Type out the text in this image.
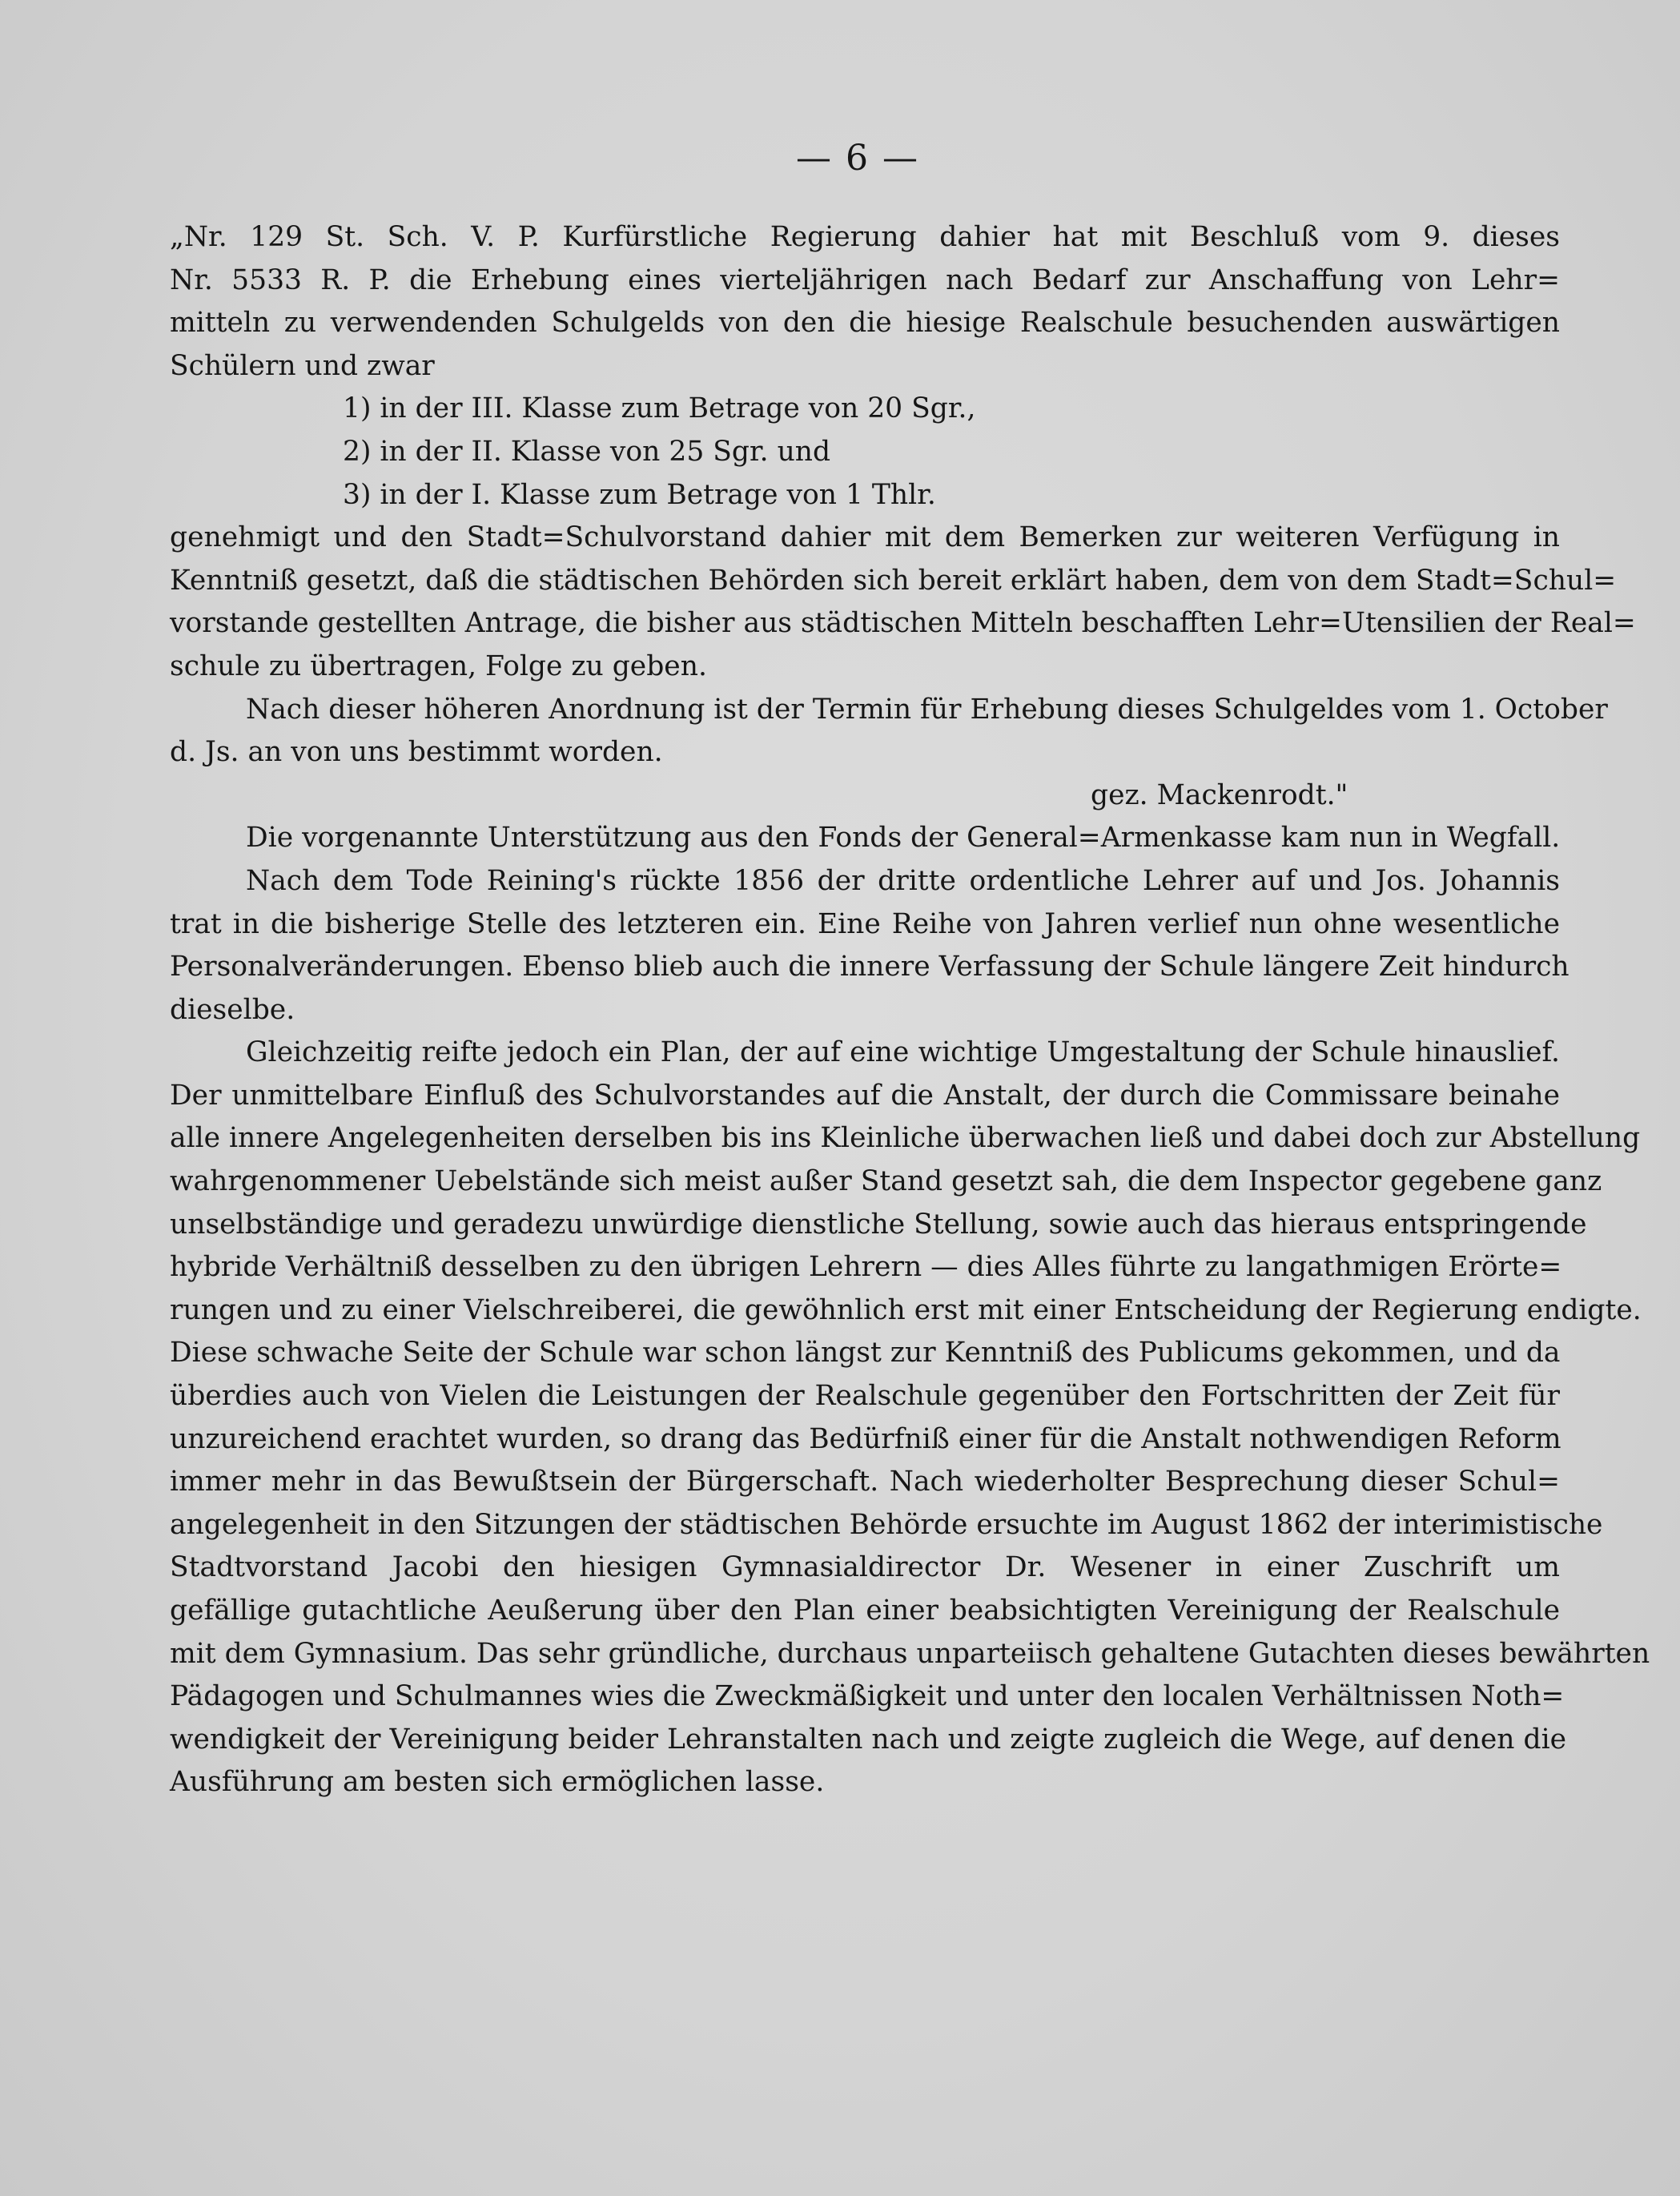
— 6 —
„Nr. 129 St. Sch. V. P. Kurfürstliche Regierung dahier hat mit Beschluß vom 9. dieses
Nr. 5533 R. P. die Erhebung eines vierteljährigen nach Bedarf zur Anschaffung von Lehr=
mitteln zu verwendenden Schulgelds von den die hiesige Realschule besuchenden auswärtigen
Schülern und zwar
1) in der III. Klasse zum Betrage von 20 Sgr.,
2) in der II. Klasse von 25 Sgr. und
3) in der I. Klasse zum Betrage von 1 Thlr.
genehmigt und den Stadt=Schulvorstand dahier mit dem Bemerken zur weiteren Verfügung in
Kenntniß gesetzt, daß die städtischen Behörden sich bereit erklärt haben, dem von dem Stadt=Schul=
vorstande gestellten Antrage, die bisher aus städtischen Mitteln beschafften Lehr=Utensilien der Real=
schule zu übertragen, Folge zu geben.
Nach dieser höheren Anordnung ist der Termin für Erhebung dieses Schulgeldes vom 1. October
d. Js. an von uns bestimmt worden.
gez. Mackenrodt."
Die vorgenannte Unterstützung aus den Fonds der General=Armenkasse kam nun in Wegfall.
Nach dem Tode Reining's rückte 1856 der dritte ordentliche Lehrer auf und Jos. Johannis
trat in die bisherige Stelle des letzteren ein. Eine Reihe von Jahren verlief nun ohne wesentliche
Personalveränderungen. Ebenso blieb auch die innere Verfassung der Schule längere Zeit hindurch
dieselbe.
Gleichzeitig reifte jedoch ein Plan, der auf eine wichtige Umgestaltung der Schule hinauslief.
Der unmittelbare Einfluß des Schulvorstandes auf die Anstalt, der durch die Commissare beinahe
alle innere Angelegenheiten derselben bis ins Kleinliche überwachen ließ und dabei doch zur Abstellung
wahrgenommener Uebelstände sich meist außer Stand gesetzt sah, die dem Inspector gegebene ganz
unselbständige und geradezu unwürdige dienstliche Stellung, sowie auch das hieraus entspringende
hybride Verhältniß desselben zu den übrigen Lehrern — dies Alles führte zu langathmigen Erörte=
rungen und zu einer Vielschreiberei, die gewöhnlich erst mit einer Entscheidung der Regierung endigte.
Diese schwache Seite der Schule war schon längst zur Kenntniß des Publicums gekommen, und da
überdies auch von Vielen die Leistungen der Realschule gegenüber den Fortschritten der Zeit für
unzureichend erachtet wurden, so drang das Bedürfniß einer für die Anstalt nothwendigen Reform
immer mehr in das Bewußtsein der Bürgerschaft. Nach wiederholter Besprechung dieser Schul=
angelegenheit in den Sitzungen der städtischen Behörde ersuchte im August 1862 der interimistische
Stadtvorstand Jacobi den hiesigen Gymnasialdirector Dr. Wesener in einer Zuschrift um
gefällige gutachtliche Aeußerung über den Plan einer beabsichtigten Vereinigung der Realschule
mit dem Gymnasium. Das sehr gründliche, durchaus unparteiisch gehaltene Gutachten dieses bewährten
Pädagogen und Schulmannes wies die Zweckmäßigkeit und unter den localen Verhältnissen Noth=
wendigkeit der Vereinigung beider Lehranstalten nach und zeigte zugleich die Wege, auf denen die
Ausführung am besten sich ermöglichen lasse.
